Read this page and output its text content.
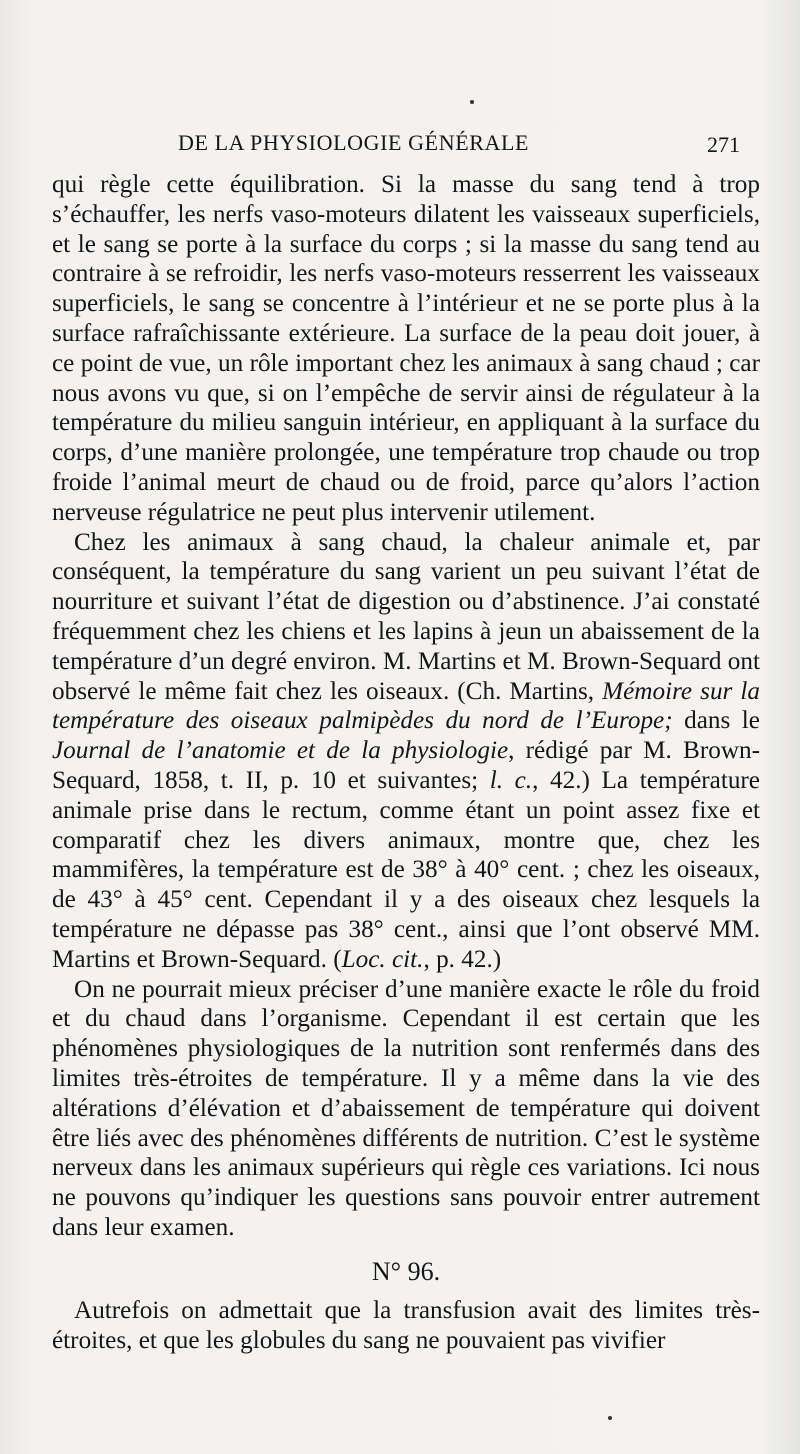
DE LA PHYSIOLOGIE GÉNÉRALE	271

qui règle cette équilibration. Si la masse du sang tend à trop s’échauffer, les nerfs vaso-moteurs dilatent les vaisseaux superficiels, et le sang se porte à la surface du corps ; si la masse du sang tend au contraire à se refroidir, les nerfs vaso-moteurs resserrent les vaisseaux superficiels, le sang se concentre à l’intérieur et ne se porte plus à la surface rafraîchissante extérieure. La surface de la peau doit jouer, à ce point de vue, un rôle important chez les animaux à sang chaud ; car nous avons vu que, si on l’empêche de servir ainsi de régulateur à la température du milieu sanguin intérieur, en appliquant à la surface du corps, d’une manière prolongée, une température trop chaude ou trop froide l’animal meurt de chaud ou de froid, parce qu’alors l’action nerveuse régulatrice ne peut plus intervenir utilement.

Chez les animaux à sang chaud, la chaleur animale et, par conséquent, la température du sang varient un peu suivant l’état de nourriture et suivant l’état de digestion ou d’abstinence. J’ai constaté fréquemment chez les chiens et les lapins à jeun un abaissement de la température d’un degré environ. M. Martins et M. Brown-Sequard ont observé le même fait chez les oiseaux. (Ch. Martins, Mémoire sur la température des oiseaux palmipèdes du nord de l’Europe; dans le Journal de l’anatomie et de la physiologie, rédigé par M. Brown-Sequard, 1858, t. II, p. 10 et suivantes; l. c., 42.) La température animale prise dans le rectum, comme étant un point assez fixe et comparatif chez les divers animaux, montre que, chez les mammifères, la température est de 38° à 40° cent. ; chez les oiseaux, de 43° à 45° cent. Cependant il y a des oiseaux chez lesquels la température ne dépasse pas 38° cent., ainsi que l’ont observé MM. Martins et Brown-Sequard. (Loc. cit., p. 42.)

On ne pourrait mieux préciser d’une manière exacte le rôle du froid et du chaud dans l’organisme. Cependant il est certain que les phénomènes physiologiques de la nutrition sont renfermés dans des limites très-étroites de température. Il y a même dans la vie des altérations d’élévation et d’abaissement de température qui doivent être liés avec des phénomènes différents de nutrition. C’est le système nerveux dans les animaux supérieurs qui règle ces variations. Ici nous ne pouvons qu’indiquer les questions sans pouvoir entrer autrement dans leur examen.

N° 96.

Autrefois on admettait que la transfusion avait des limites très-étroites, et que les globules du sang ne pouvaient pas vivifier
